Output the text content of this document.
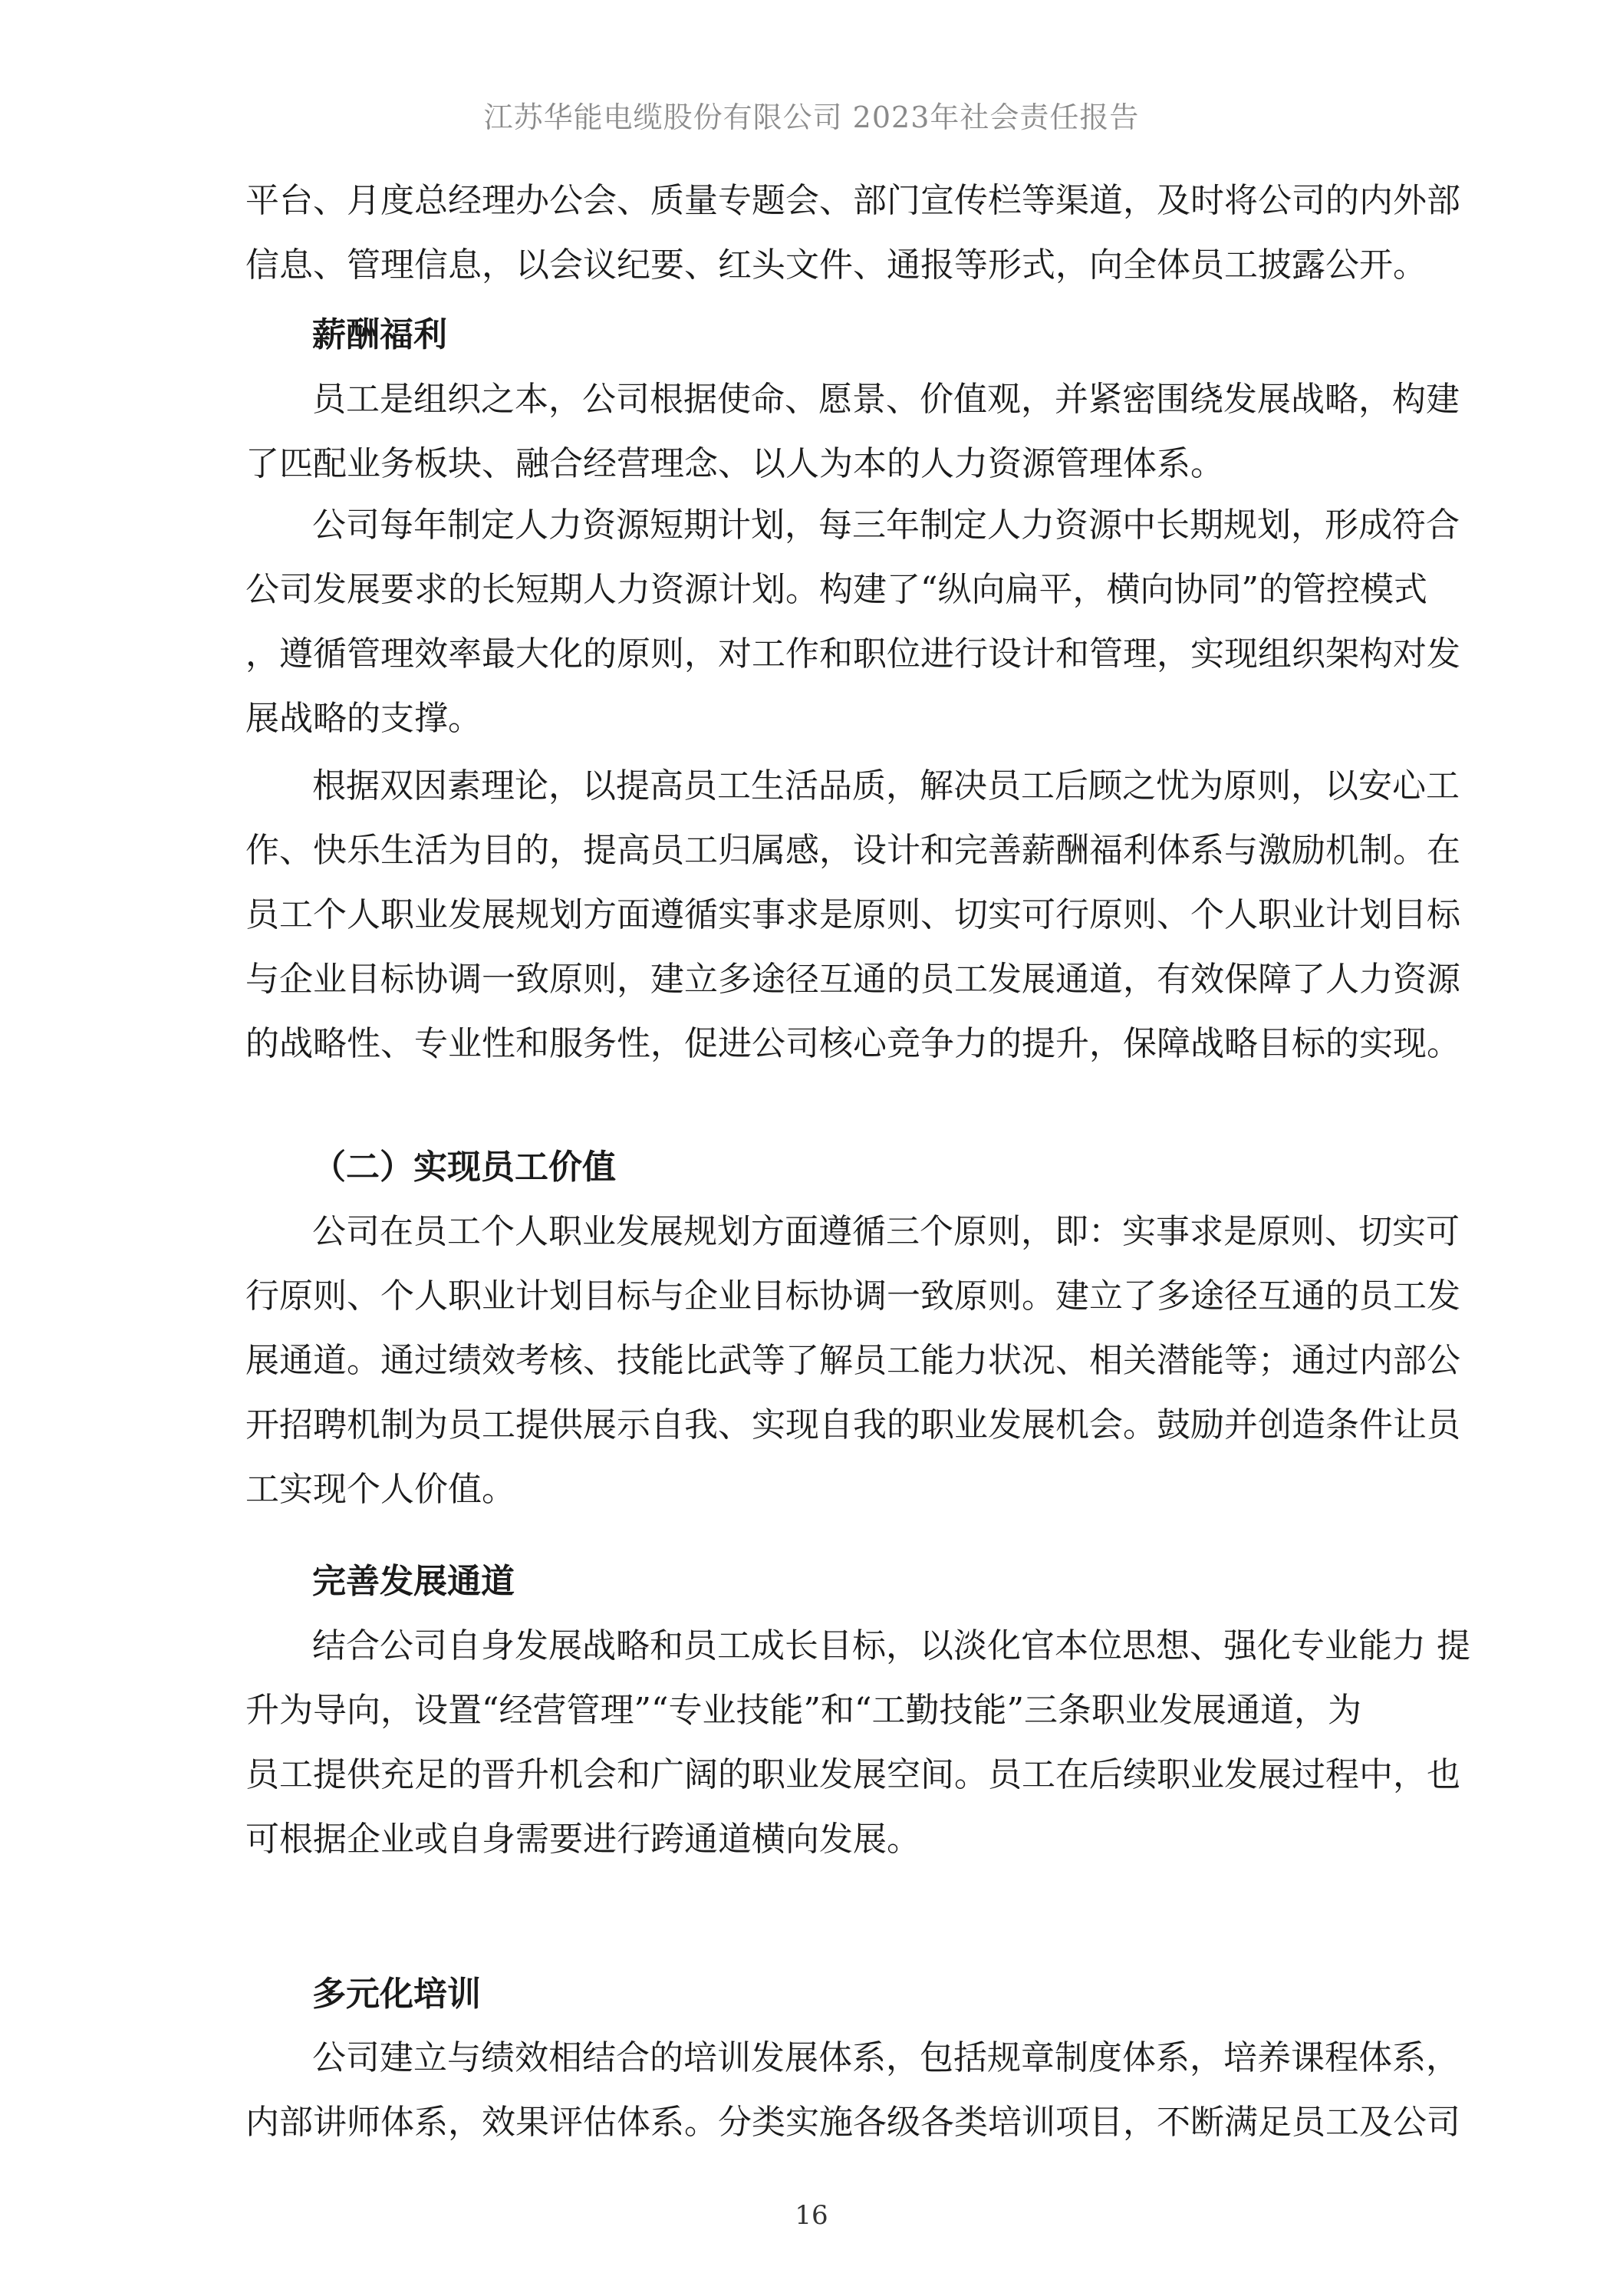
江苏华能电缆股份有限公司 2023年社会责任报告
平台、月度总经理办公会、质量专题会、部门宣传栏等渠道，及时将公司的内外部
信息、管理信息，以会议纪要、红头文件、通报等形式，向全体员工披露公开。
薪酬福利
员工是组织之本，公司根据使命、愿景、价值观，并紧密围绕发展战略，构建
了匹配业务板块、融合经营理念、以人为本的人力资源管理体系。
公司每年制定人力资源短期计划，每三年制定人力资源中长期规划，形成符合
公司发展要求的长短期人力资源计划。构建了“纵向扁平，横向协同”的管控模式
，遵循管理效率最大化的原则，对工作和职位进行设计和管理，实现组织架构对发
展战略的支撑。
根据双因素理论，以提高员工生活品质，解决员工后顾之忧为原则，以安心工
作、快乐生活为目的，提高员工归属感，设计和完善薪酬福利体系与激励机制。在
员工个人职业发展规划方面遵循实事求是原则、切实可行原则、个人职业计划目标
与企业目标协调一致原则，建立多途径互通的员工发展通道，有效保障了人力资源
的战略性、专业性和服务性，促进公司核心竞争力的提升，保障战略目标的实现。
（二）实现员工价值
公司在员工个人职业发展规划方面遵循三个原则，即：实事求是原则、切实可
行原则、个人职业计划目标与企业目标协调一致原则。建立了多途径互通的员工发
展通道。通过绩效考核、技能比武等了解员工能力状况、相关潜能等；通过内部公
开招聘机制为员工提供展示自我、实现自我的职业发展机会。鼓励并创造条件让员
工实现个人价值。
完善发展通道
结合公司自身发展战略和员工成长目标，以淡化官本位思想、强化专业能力 提
升为导向，设置“经营管理”“专业技能”和“工勤技能”三条职业发展通道，为
员工提供充足的晋升机会和广阔的职业发展空间。员工在后续职业发展过程中，也
可根据企业或自身需要进行跨通道横向发展。
多元化培训
公司建立与绩效相结合的培训发展体系，包括规章制度体系，培养课程体系，
内部讲师体系，效果评估体系。分类实施各级各类培训项目，不断满足员工及公司
16
